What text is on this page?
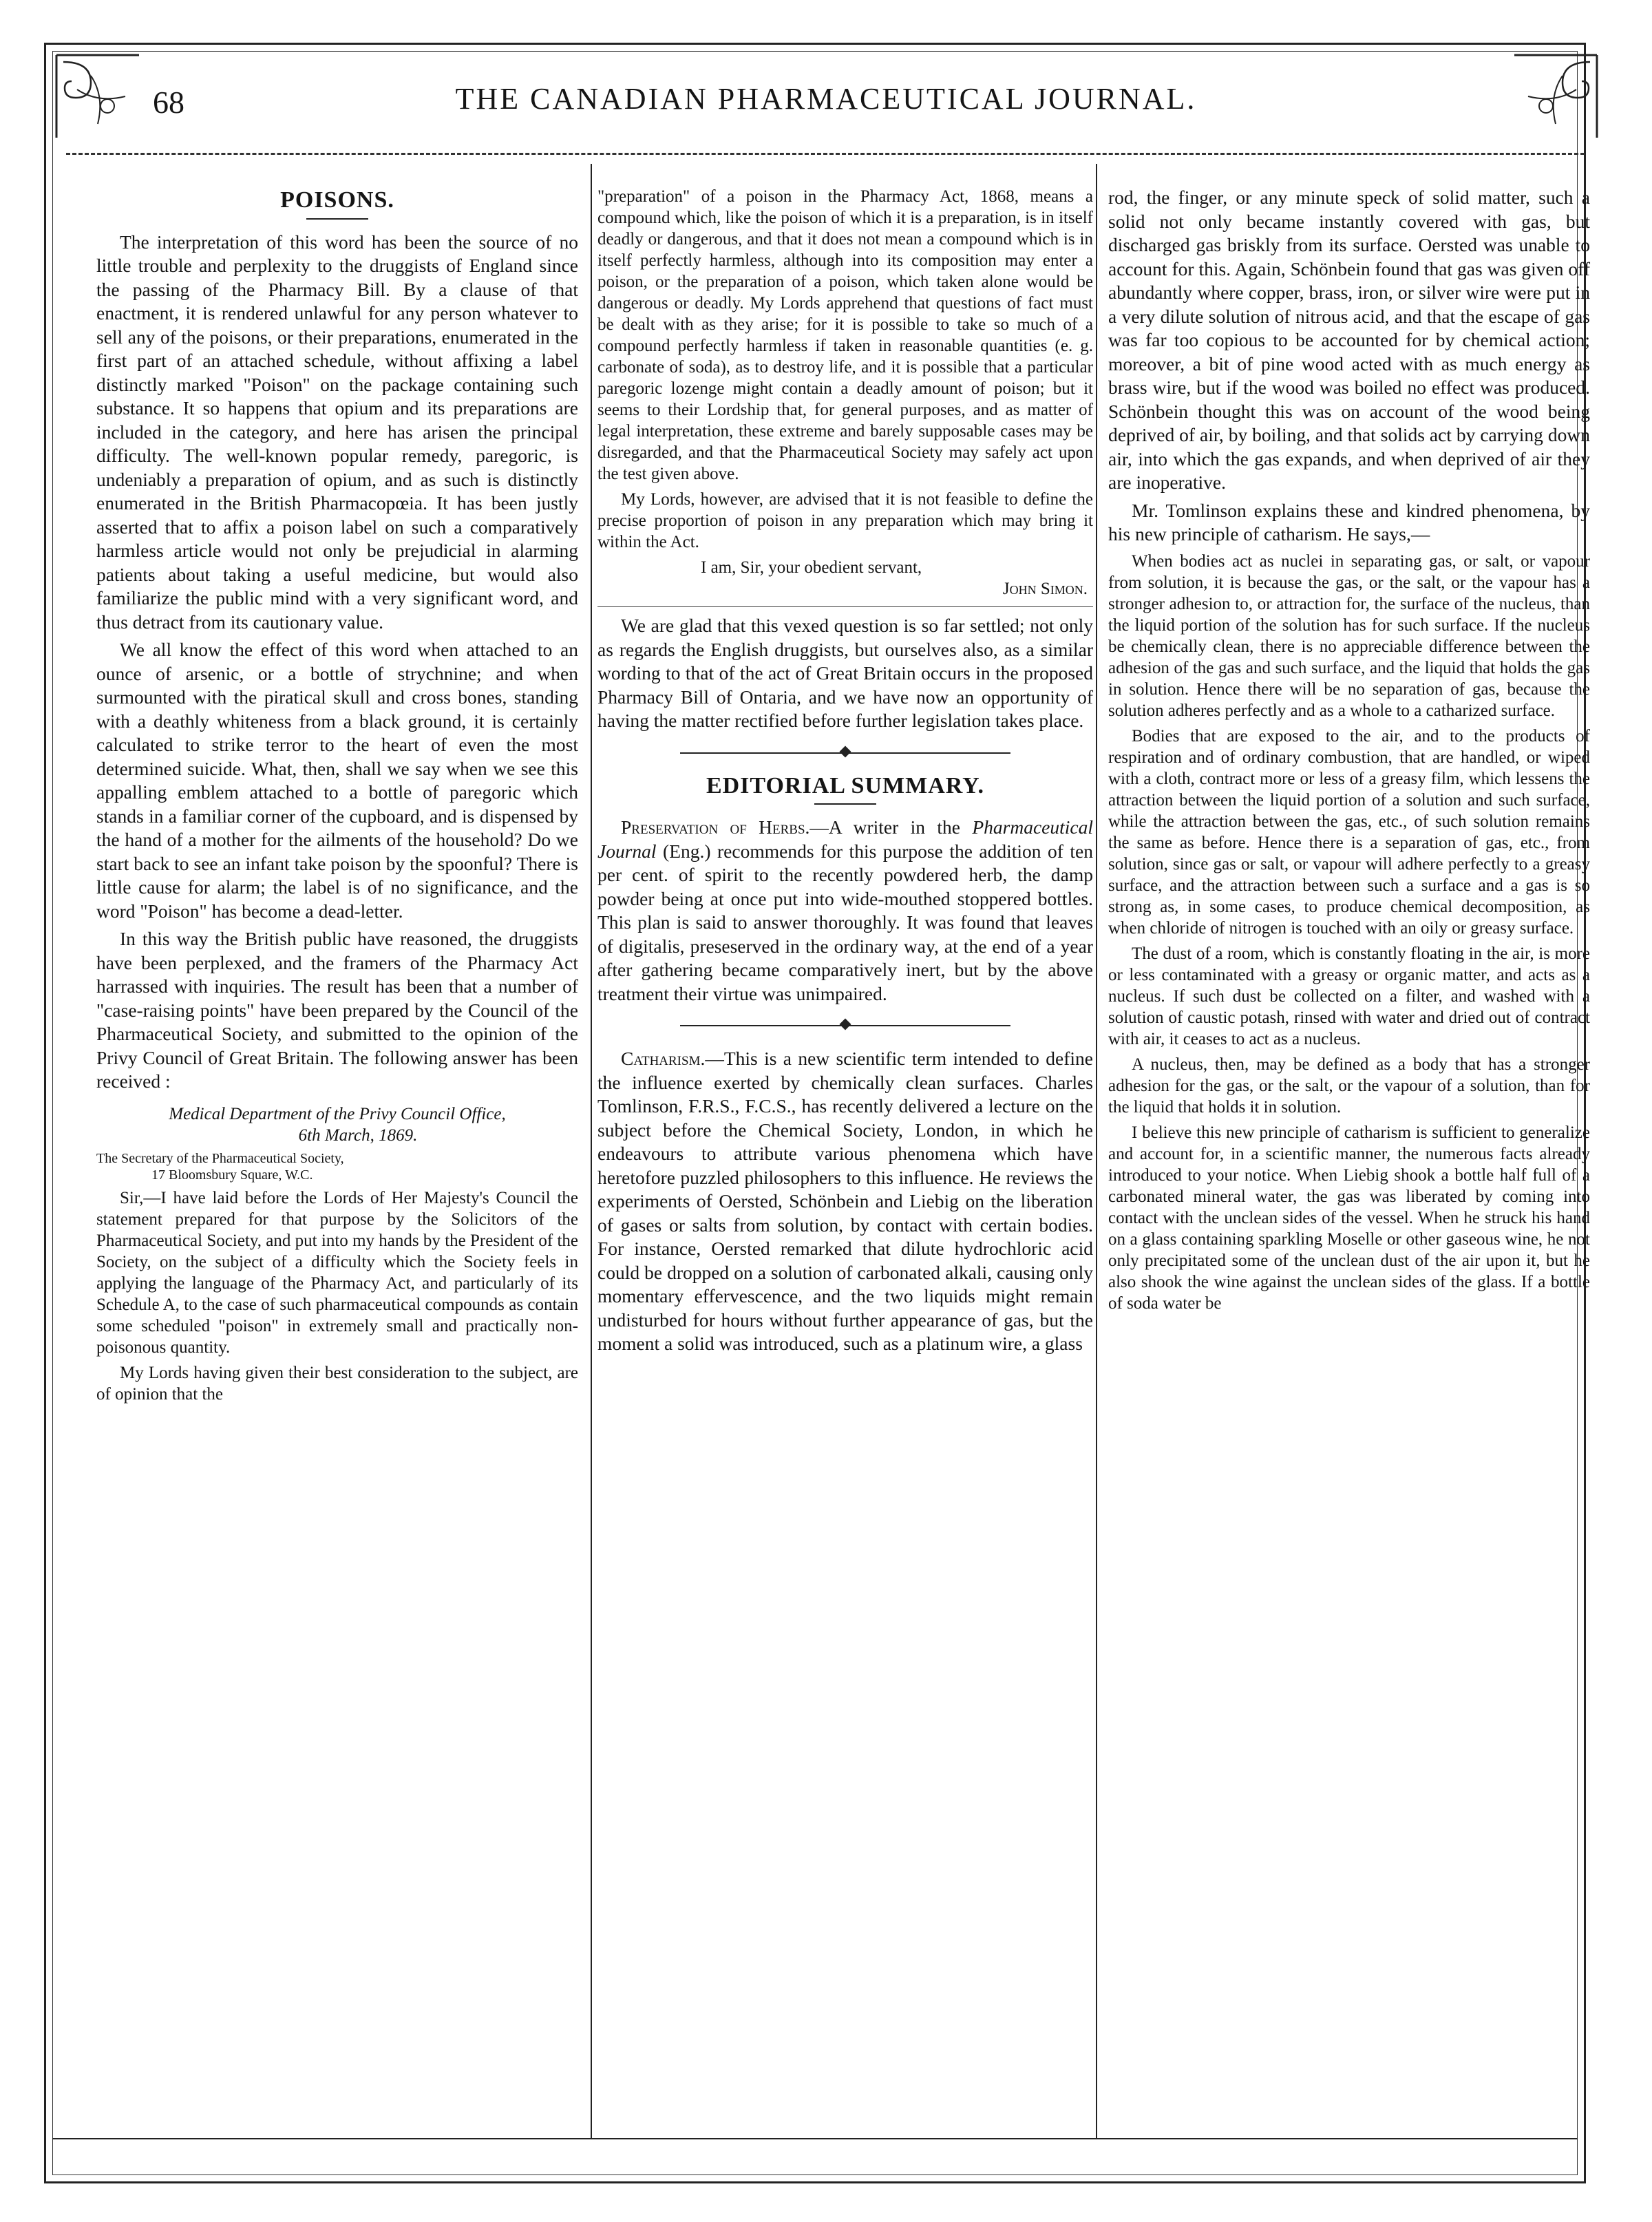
68	THE CANADIAN PHARMACEUTICAL JOURNAL.
POISONS.

The interpretation of this word has been the source of no little trouble and perplexity to the druggists of England since the passing of the Pharmacy Bill. By a clause of that enactment, it is rendered unlawful for any person whatever to sell any of the poisons, or their preparations, enumerated in the first part of an attached schedule, without affixing a label distinctly marked "Poison" on the package containing such substance. It so happens that opium and its preparations are included in the category, and here has arisen the principal difficulty. The well-known popular remedy, paregoric, is undeniably a preparation of opium, and as such is distinctly enumerated in the British Pharmacopœia. It has been justly asserted that to affix a poison label on such a comparatively harmless article would not only be prejudicial in alarming patients about taking a useful medicine, but would also familiarize the public mind with a very significant word, and thus detract from its cautionary value.

We all know the effect of this word when attached to an ounce of arsenic, or a bottle of strychnine; and when surmounted with the piratical skull and cross bones, standing with a deathly whiteness from a black ground, it is certainly calculated to strike terror to the heart of even the most determined suicide. What, then, shall we say when we see this appalling emblem attached to a bottle of paregoric which stands in a familiar corner of the cupboard, and is dispensed by the hand of a mother for the ailments of the household? Do we start back to see an infant take poison by the spoonful? There is little cause for alarm; the label is of no significance, and the word "Poison" has become a dead-letter.

In this way the British public have reasoned, the druggists have been perplexed, and the framers of the Pharmacy Act harrassed with inquiries. The result has been that a number of "case-raising points" have been prepared by the Council of the Pharmaceutical Society, and submitted to the opinion of the Privy Council of Great Britain. The following answer has been received :

Medical Department of the Privy Council Office,
6th March, 1869.
The Secretary of the Pharmaceutical Society,
17 Bloomsbury Square, W.C.

Sir,—I have laid before the Lords of Her Majesty's Council the statement prepared for that purpose by the Solicitors of the Pharmaceutical Society, and put into my hands by the President of the Society, on the subject of a difficulty which the Society feels in applying the language of the Pharmacy Act, and particularly of its Schedule A, to the case of such pharmaceutical compounds as contain some scheduled "poison" in extremely small and practically non-poisonous quantity.

My Lords having given their best consideration to the subject, are of opinion that the

"preparation" of a poison in the Pharmacy Act, 1868, means a compound which, like the poison of which it is a preparation, is in itself deadly or dangerous, and that it does not mean a compound which is in itself perfectly harmless, although into its composition may enter a poison, or the preparation of a poison, which taken alone would be dangerous or deadly. My Lords apprehend that questions of fact must be dealt with as they arise; for it is possible to take so much of a compound perfectly harmless if taken in reasonable quantities (e. g. carbonate of soda), as to destroy life, and it is possible that a particular paregoric lozenge might contain a deadly amount of poison; but it seems to their Lordship that, for general purposes, and as matter of legal interpretation, these extreme and barely supposable cases may be disregarded, and that the Pharmaceutical Society may safely act upon the test given above.

My Lords, however, are advised that it is not feasible to define the precise proportion of poison in any preparation which may bring it within the Act.

I am, Sir, your obedient servant,
John Simon.

We are glad that this vexed question is so far settled; not only as regards the English druggists, but ourselves also, as a similar wording to that of the act of Great Britain occurs in the proposed Pharmacy Bill of Ontaria, and we have now an opportunity of having the matter rectified before further legislation takes place.

EDITORIAL SUMMARY.

Preservation of Herbs.—A writer in the Pharmaceutical Journal (Eng.) recommends for this purpose the addition of ten per cent. of spirit to the recently powdered herb, the damp powder being at once put into wide-mouthed stoppered bottles. This plan is said to answer thoroughly. It was found that leaves of digitalis, preseserved in the ordinary way, at the end of a year after gathering became comparatively inert, but by the above treatment their virtue was unimpaired.

Catharism.—This is a new scientific term intended to define the influence exerted by chemically clean surfaces. Charles Tomlinson, F.R.S., F.C.S., has recently delivered a lecture on the subject before the Chemical Society, London, in which he endeavours to attribute various phenomena which have heretofore puzzled philosophers to this influence. He reviews the experiments of Oersted, Schönbein and Liebig on the liberation of gases or salts from solution, by contact with certain bodies. For instance, Oersted remarked that dilute hydrochloric acid could be dropped on a solution of carbonated alkali, causing only momentary effervescence, and the two liquids might remain undisturbed for hours without further appearance of gas, but the moment a solid was introduced, such as a platinum wire, a glass

rod, the finger, or any minute speck of solid matter, such a solid not only became instantly covered with gas, but discharged gas briskly from its surface. Oersted was unable to account for this. Again, Schönbein found that gas was given off abundantly where copper, brass, iron, or silver wire were put in a very dilute solution of nitrous acid, and that the escape of gas was far too copious to be accounted for by chemical action; moreover, a bit of pine wood acted with as much energy as brass wire, but if the wood was boiled no effect was produced. Schönbein thought this was on account of the wood being deprived of air, by boiling, and that solids act by carrying down air, into which the gas expands, and when deprived of air they are inoperative.

Mr. Tomlinson explains these and kindred phenomena, by his new principle of catharism. He says,—

When bodies act as nuclei in separating gas, or salt, or vapour from solution, it is because the gas, or the salt, or the vapour has a stronger adhesion to, or attraction for, the surface of the nucleus, than the liquid portion of the solution has for such surface. If the nucleus be chemically clean, there is no appreciable difference between the adhesion of the gas and such surface, and the liquid that holds the gas in solution. Hence there will be no separation of gas, because the solution adheres perfectly and as a whole to a catharized surface.

Bodies that are exposed to the air, and to the products of respiration and of ordinary combustion, that are handled, or wiped with a cloth, contract more or less of a greasy film, which lessens the attraction between the liquid portion of a solution and such surface, while the attraction between the gas, etc., of such solution remains the same as before. Hence there is a separation of gas, etc., from solution, since gas or salt, or vapour will adhere perfectly to a greasy surface, and the attraction between such a surface and a gas is so strong as, in some cases, to produce chemical decomposition, as when chloride of nitrogen is touched with an oily or greasy surface.

The dust of a room, which is constantly floating in the air, is more or less contaminated with a greasy or organic matter, and acts as a nucleus. If such dust be collected on a filter, and washed with a solution of caustic potash, rinsed with water and dried out of contract with air, it ceases to act as a nucleus.

A nucleus, then, may be defined as a body that has a stronger adhesion for the gas, or the salt, or the vapour of a solution, than for the liquid that holds it in solution.

I believe this new principle of catharism is sufficient to generalize and account for, in a scientific manner, the numerous facts already introduced to your notice. When Liebig shook a bottle half full of a carbonated mineral water, the gas was liberated by coming into contact with the unclean sides of the vessel. When he struck his hand on a glass containing sparkling Moselle or other gaseous wine, he not only precipitated some of the unclean dust of the air upon it, but he also shook the wine against the unclean sides of the glass. If a bottle of soda water be
